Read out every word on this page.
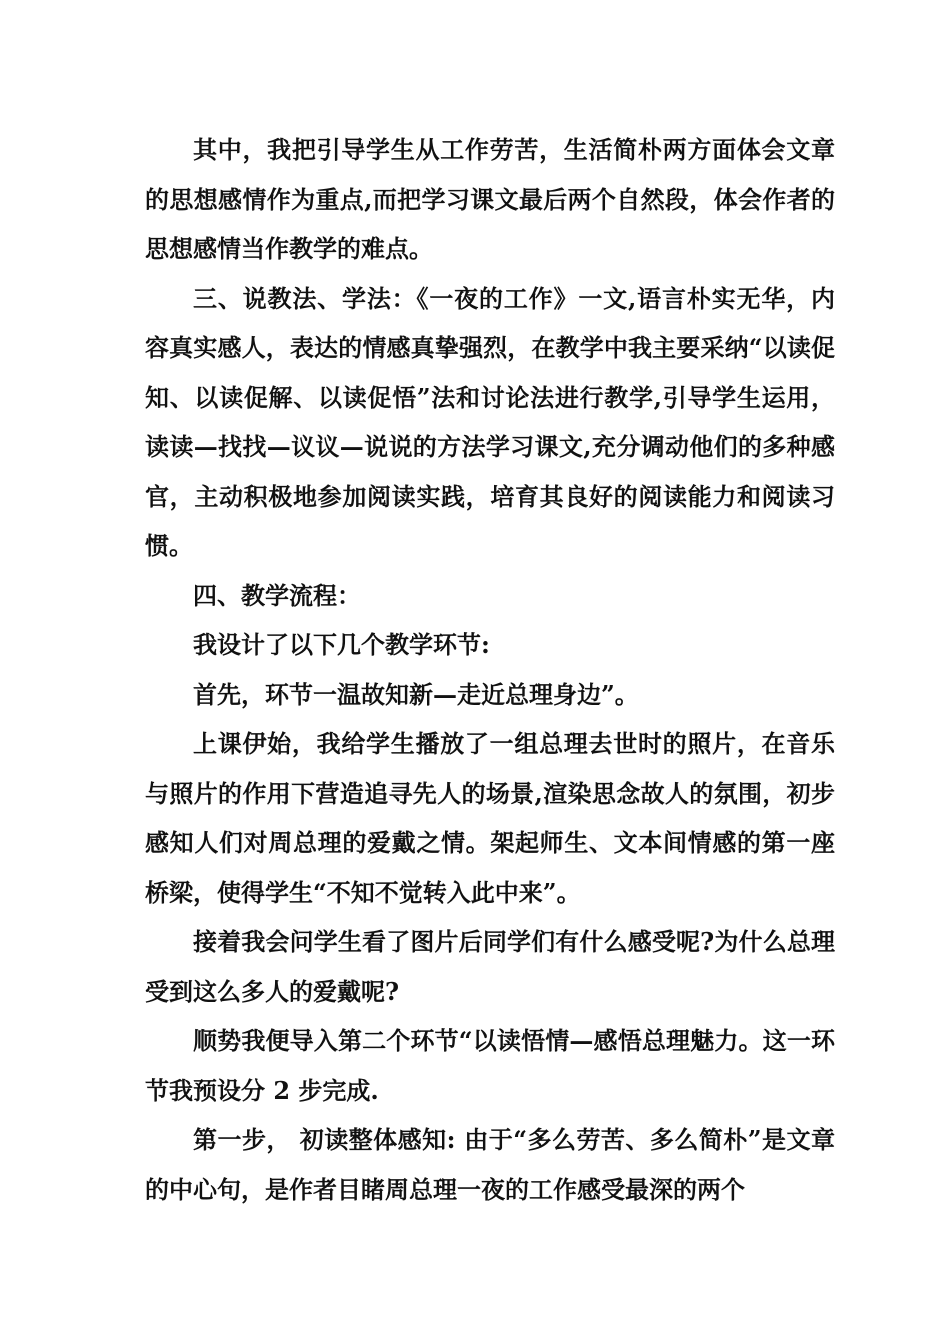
其中，我把引导学生从工作劳苦，生活简朴两方面体会文章的思想感情作为重点,而把学习课文最后两个自然段，体会作者的思想感情当作教学的难点。

三、说教法、学法：《一夜的工作》一文,语言朴实无华，内容真实感人，表达的情感真挚强烈，在教学中我主要采纳“以读促知、以读促解、以读促悟”法和讨论法进行教学,引导学生运用，读读—找找—议议—说说的方法学习课文,充分调动他们的多种感官，主动积极地参加阅读实践，培育其良好的阅读能力和阅读习惯。

四、教学流程：

我设计了以下几个教学环节:

首先，环节一温故知新—走近总理身边”。

上课伊始，我给学生播放了一组总理去世时的照片，在音乐与照片的作用下营造追寻先人的场景,渲染思念故人的氛围，初步感知人们对周总理的爱戴之情。架起师生、文本间情感的第一座桥梁，使得学生“不知不觉转入此中来”。

接着我会问学生看了图片后同学们有什么感受呢?为什么总理受到这么多人的爱戴呢?

顺势我便导入第二个环节“以读悟情—感悟总理魅力。这一环节我预设分 2 步完成.

第一步， 初读整体感知: 由于“多么劳苦、多么简朴”是文章的中心句，是作者目睹周总理一夜的工作感受最深的两个
